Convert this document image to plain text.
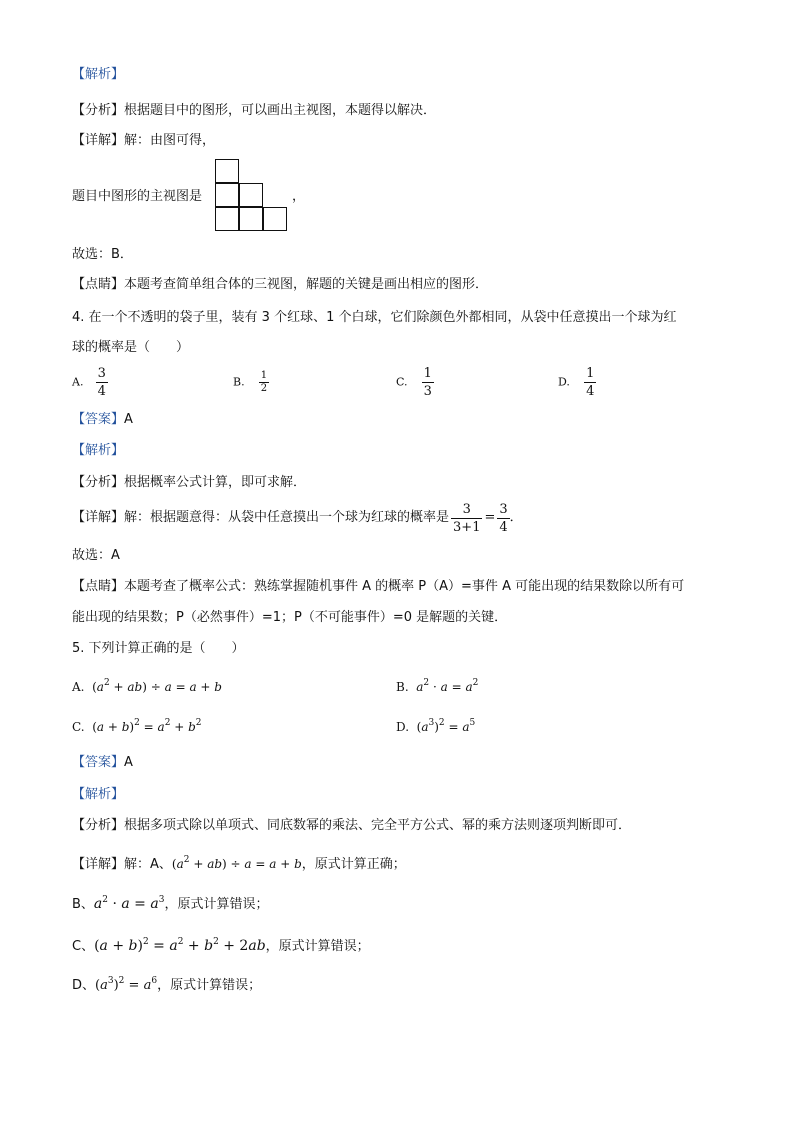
【解析】
【分析】根据题目中的图形，可以画出主视图，本题得以解决．
【详解】解：由图可得，
题目中图形的主视图是	，
故选：B．
【点睛】本题考查简单组合体的三视图，解题的关键是画出相应的图形．
4. 在一个不透明的袋子里，装有 3 个红球、1 个白球，它们除颜色外都相同，从袋中任意摸出一个球为红
球的概率是（　　）
A. $\frac{3}{4}$	B. $\frac{1}{2}$	C. $\frac{1}{3}$	D. $\frac{1}{4}$
【答案】A
【解析】
【分析】根据概率公式计算，即可求解．
【详解】解：根据题意得：从袋中任意摸出一个球为红球的概率是 $\frac{3}{3+1} = \frac{3}{4}$ ．
故选：A
【点睛】本题考查了概率公式：熟练掌握随机事件 A 的概率 P（A）=事件 A 可能出现的结果数除以所有可
能出现的结果数；P（必然事件）=1；P（不可能事件）=0 是解题的关键．
5. 下列计算正确的是（　　）
A.  $(a^2 + ab) \div a = a + b$	B.  $a^2 \cdot a = a^2$
C.  $(a + b)^2 = a^2 + b^2$	D.  $(a^3)^2 = a^5$
【答案】A
【解析】
【分析】根据多项式除以单项式、同底数幂的乘法、完全平方公式、幂的乘方法则逐项判断即可．
【详解】解：A、$(a^2 + ab) \div a = a + b$，原式计算正确；
B、$a^2 \cdot a = a^3$，原式计算错误；
C、$(a + b)^2 = a^2 + b^2 + 2ab$，原式计算错误；
D、$(a^3)^2 = a^6$，原式计算错误；
